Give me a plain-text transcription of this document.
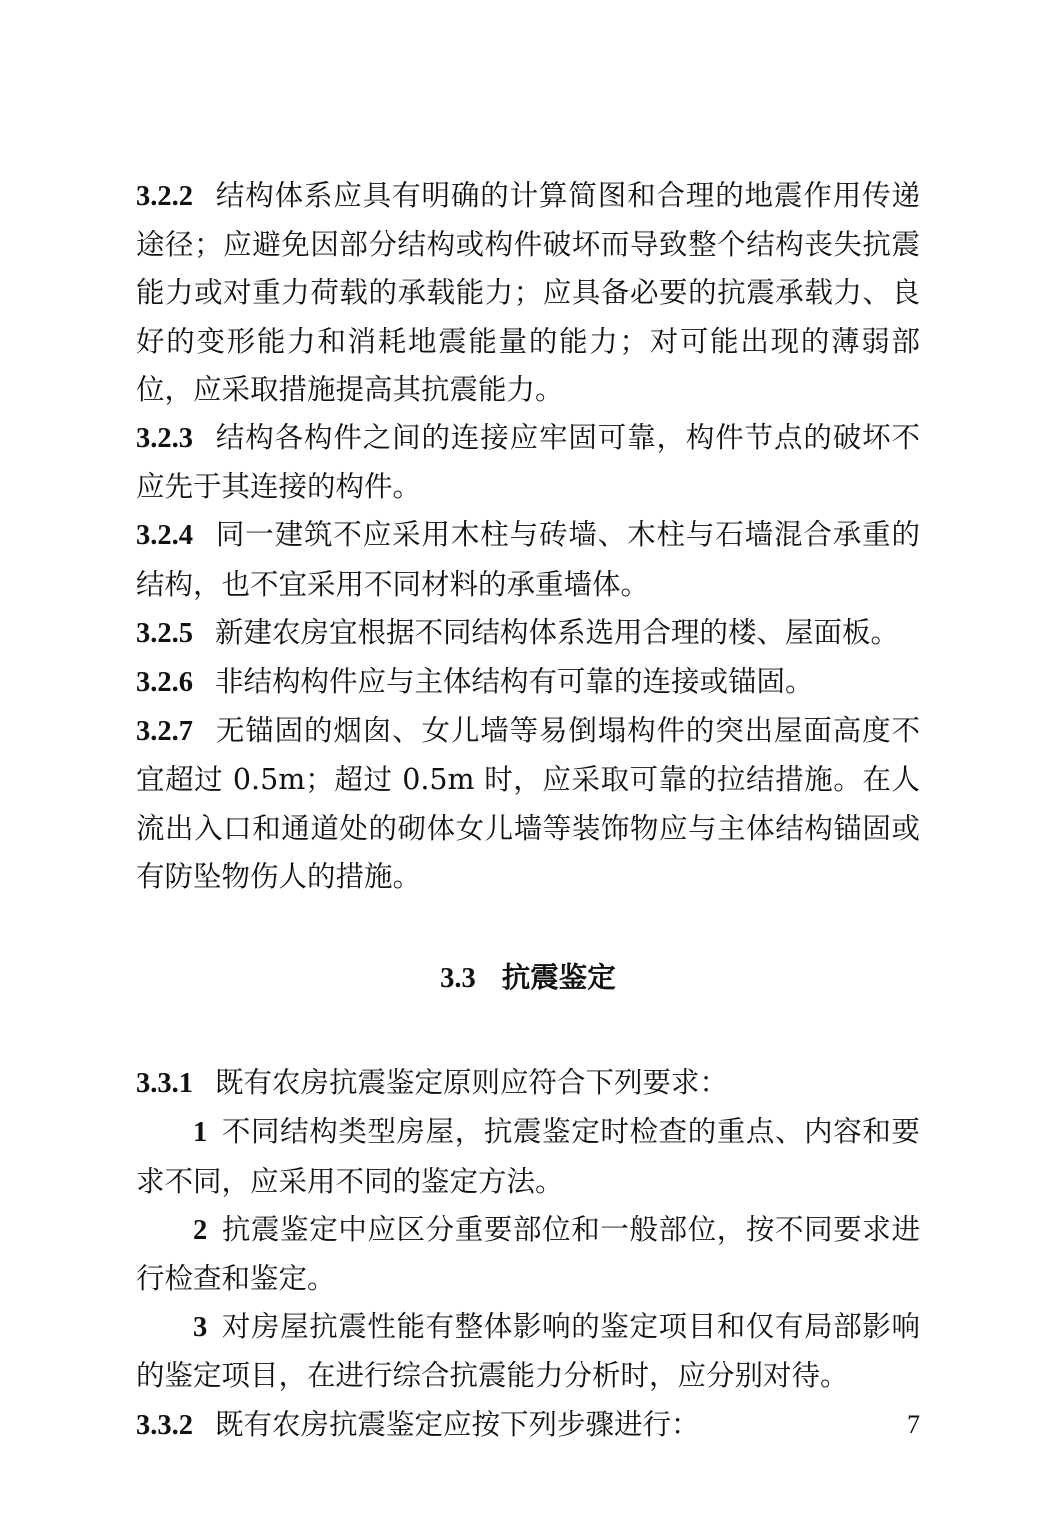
3.2.2 结构体系应具有明确的计算简图和合理的地震作用传递途径；应避免因部分结构或构件破坏而导致整个结构丧失抗震能力或对重力荷载的承载能力；应具备必要的抗震承载力、良好的变形能力和消耗地震能量的能力；对可能出现的薄弱部位，应采取措施提高其抗震能力。

3.2.3 结构各构件之间的连接应牢固可靠，构件节点的破坏不应先于其连接的构件。

3.2.4 同一建筑不应采用木柱与砖墙、木柱与石墙混合承重的结构，也不宜采用不同材料的承重墙体。

3.2.5 新建农房宜根据不同结构体系选用合理的楼、屋面板。

3.2.6 非结构构件应与主体结构有可靠的连接或锚固。

3.2.7 无锚固的烟囱、女儿墙等易倒塌构件的突出屋面高度不宜超过 0.5m；超过 0.5m 时，应采取可靠的拉结措施。在人流出入口和通道处的砌体女儿墙等装饰物应与主体结构锚固或有防坠物伤人的措施。

3.3 抗震鉴定

3.3.1 既有农房抗震鉴定原则应符合下列要求：

1 不同结构类型房屋，抗震鉴定时检查的重点、内容和要求不同，应采用不同的鉴定方法。

2 抗震鉴定中应区分重要部位和一般部位，按不同要求进行检查和鉴定。

3 对房屋抗震性能有整体影响的鉴定项目和仅有局部影响的鉴定项目，在进行综合抗震能力分析时，应分别对待。

3.3.2 既有农房抗震鉴定应按下列步骤进行：	7
